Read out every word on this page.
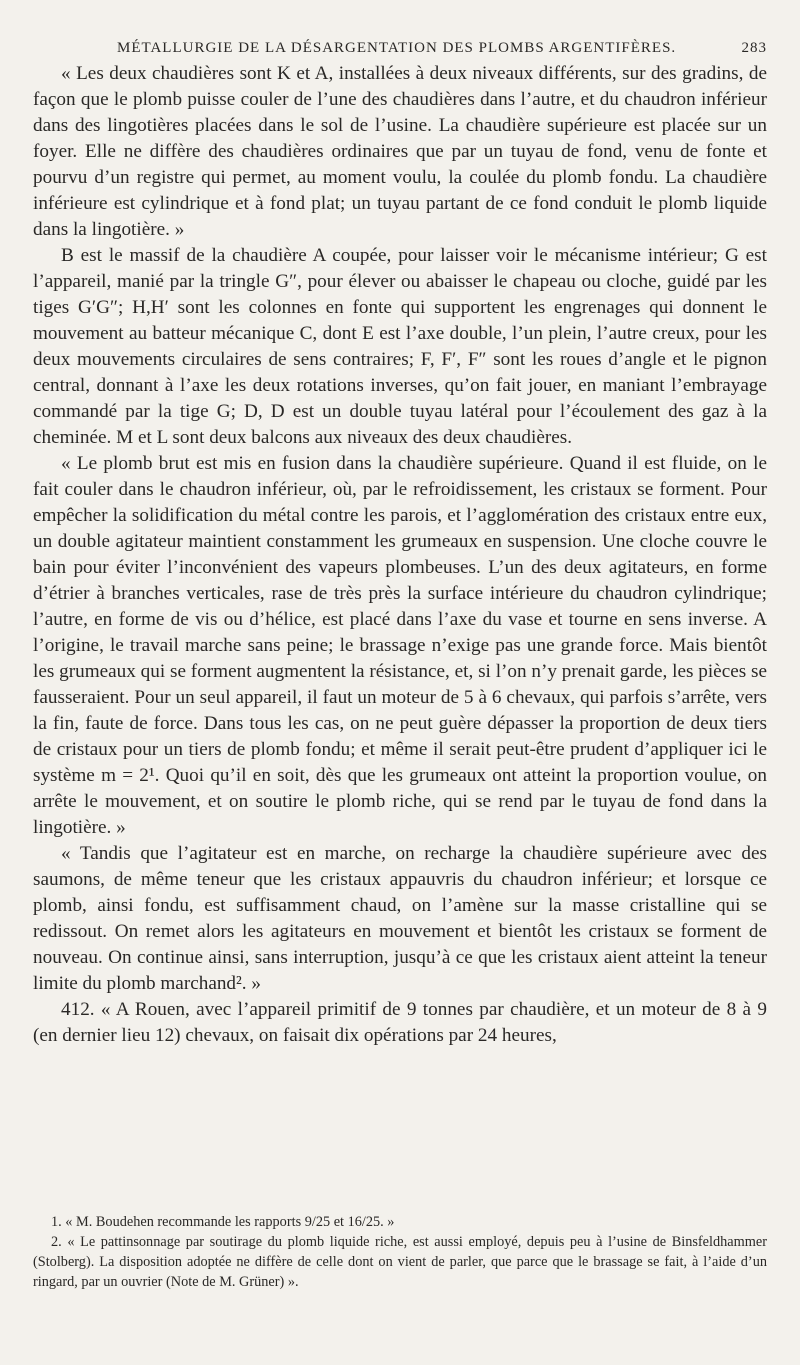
MÉTALLURGIE DE LA DÉSARGENTATION DES PLOMBS ARGENTIFÈRES.	283

« Les deux chaudières sont K et A, installées à deux niveaux différents, sur des gradins, de façon que le plomb puisse couler de l’une des chaudières dans l’autre, et du chaudron inférieur dans des lingotières placées dans le sol de l’usine. La chaudière supérieure est placée sur un foyer. Elle ne diffère des chaudières ordinaires que par un tuyau de fond, venu de fonte et pourvu d’un registre qui permet, au moment voulu, la coulée du plomb fondu. La chaudière inférieure est cylindrique et à fond plat; un tuyau partant de ce fond conduit le plomb liquide dans la lingotière. »

B est le massif de la chaudière A coupée, pour laisser voir le mécanisme intérieur; G est l’appareil, manié par la tringle G″, pour élever ou abaisser le chapeau ou cloche, guidé par les tiges G′G″; H,H′ sont les colonnes en fonte qui supportent les engrenages qui donnent le mouvement au batteur mécanique C, dont E est l’axe double, l’un plein, l’autre creux, pour les deux mouvements circulaires de sens contraires; F, F′, F″ sont les roues d’angle et le pignon central, donnant à l’axe les deux rotations inverses, qu’on fait jouer, en maniant l’embrayage commandé par la tige G; D, D est un double tuyau latéral pour l’écoulement des gaz à la cheminée. M et L sont deux balcons aux niveaux des deux chaudières.

« Le plomb brut est mis en fusion dans la chaudière supérieure. Quand il est fluide, on le fait couler dans le chaudron inférieur, où, par le refroidissement, les cristaux se forment. Pour empêcher la solidification du métal contre les parois, et l’agglomération des cristaux entre eux, un double agitateur maintient constamment les grumeaux en suspension. Une cloche couvre le bain pour éviter l’inconvénient des vapeurs plombeuses. L’un des deux agitateurs, en forme d’étrier à branches verticales, rase de très près la surface intérieure du chaudron cylindrique; l’autre, en forme de vis ou d’hélice, est placé dans l’axe du vase et tourne en sens inverse. A l’origine, le travail marche sans peine; le brassage n’exige pas une grande force. Mais bientôt les grumeaux qui se forment augmentent la résistance, et, si l’on n’y prenait garde, les pièces se fausseraient. Pour un seul appareil, il faut un moteur de 5 à 6 chevaux, qui parfois s’arrête, vers la fin, faute de force. Dans tous les cas, on ne peut guère dépasser la proportion de deux tiers de cristaux pour un tiers de plomb fondu; et même il serait peut-être prudent d’appliquer ici le système m = 2¹. Quoi qu’il en soit, dès que les grumeaux ont atteint la proportion voulue, on arrête le mouvement, et on soutire le plomb riche, qui se rend par le tuyau de fond dans la lingotière. »

« Tandis que l’agitateur est en marche, on recharge la chaudière supérieure avec des saumons, de même teneur que les cristaux appauvris du chaudron inférieur; et lorsque ce plomb, ainsi fondu, est suffisamment chaud, on l’amène sur la masse cristalline qui se redissout. On remet alors les agitateurs en mouvement et bientôt les cristaux se forment de nouveau. On continue ainsi, sans interruption, jusqu’à ce que les cristaux aient atteint la teneur limite du plomb marchand². »

412. « A Rouen, avec l’appareil primitif de 9 tonnes par chaudière, et un moteur de 8 à 9 (en dernier lieu 12) chevaux, on faisait dix opérations par 24 heures,

1. « M. Boudehen recommande les rapports 9/25 et 16/25. »

2. « Le pattinsonnage par soutirage du plomb liquide riche, est aussi employé, depuis peu à l’usine de Binsfeldhammer (Stolberg). La disposition adoptée ne diffère de celle dont on vient de parler, que parce que le brassage se fait, à l’aide d’un ringard, par un ouvrier (Note de M. Grüner) ».
